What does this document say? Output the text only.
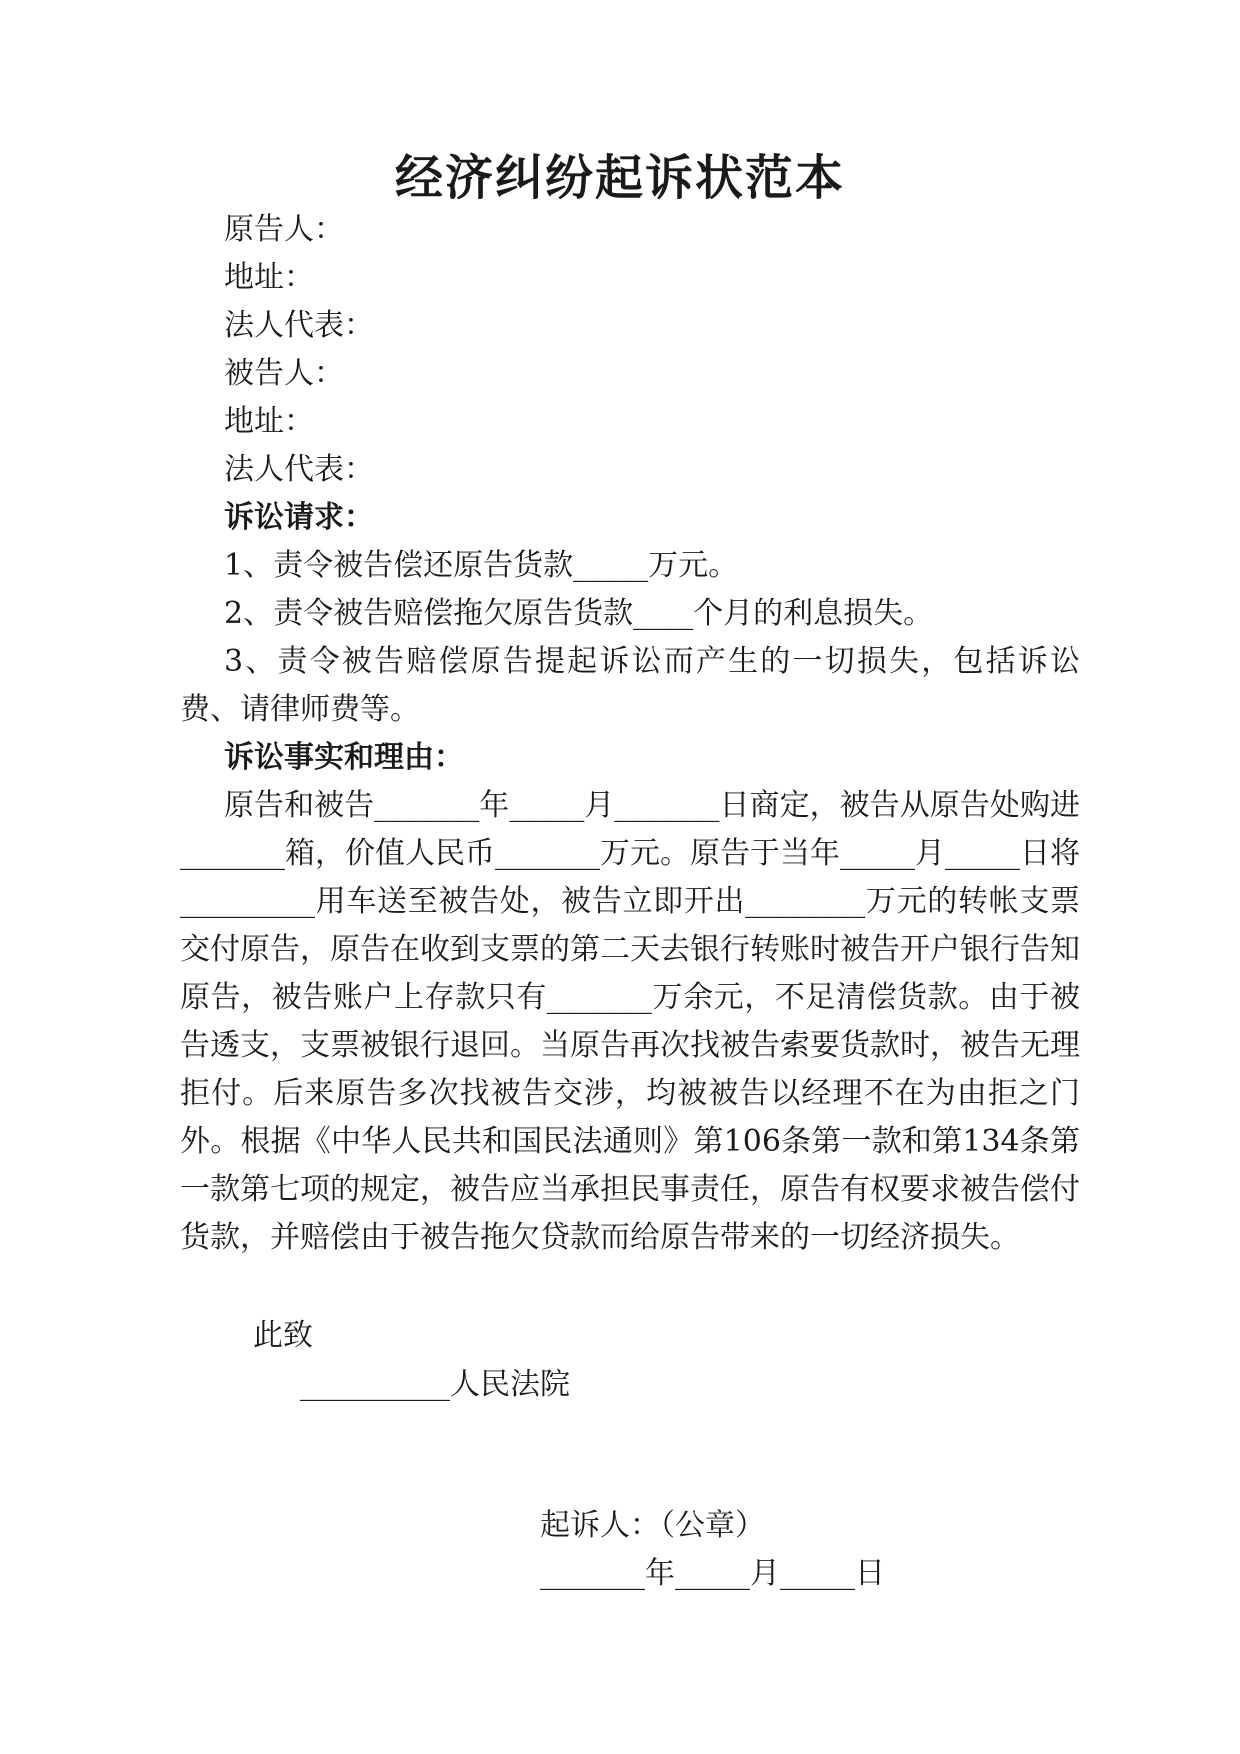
经济纠纷起诉状范本

原告人：

地址：

法人代表：

被告人：

地址：

法人代表：

诉讼请求：

1、责令被告偿还原告货款_____万元。

2、责令被告赔偿拖欠原告货款____个月的利息损失。

3、责令被告赔偿原告提起诉讼而产生的一切损失，包括诉讼费、请律师费等。

诉讼事实和理由：

原告和被告_______年_____月_______日商定，被告从原告处购进_______箱，价值人民币_______万元。原告于当年_____月_____日将_________用车送至被告处，被告立即开出________万元的转帐支票交付原告，原告在收到支票的第二天去银行转账时被告开户银行告知原告，被告账户上存款只有_______万余元，不足清偿货款。由于被告透支，支票被银行退回。当原告再次找被告索要货款时，被告无理拒付。后来原告多次找被告交涉，均被被告以经理不在为由拒之门外。根据《中华人民共和国民法通则》第106条第一款和第134条第一款第七项的规定，被告应当承担民事责任，原告有权要求被告偿付货款，并赔偿由于被告拖欠贷款而给原告带来的一切经济损失。

此致

__________人民法院

起诉人：（公章）

_______年_____月_____日
